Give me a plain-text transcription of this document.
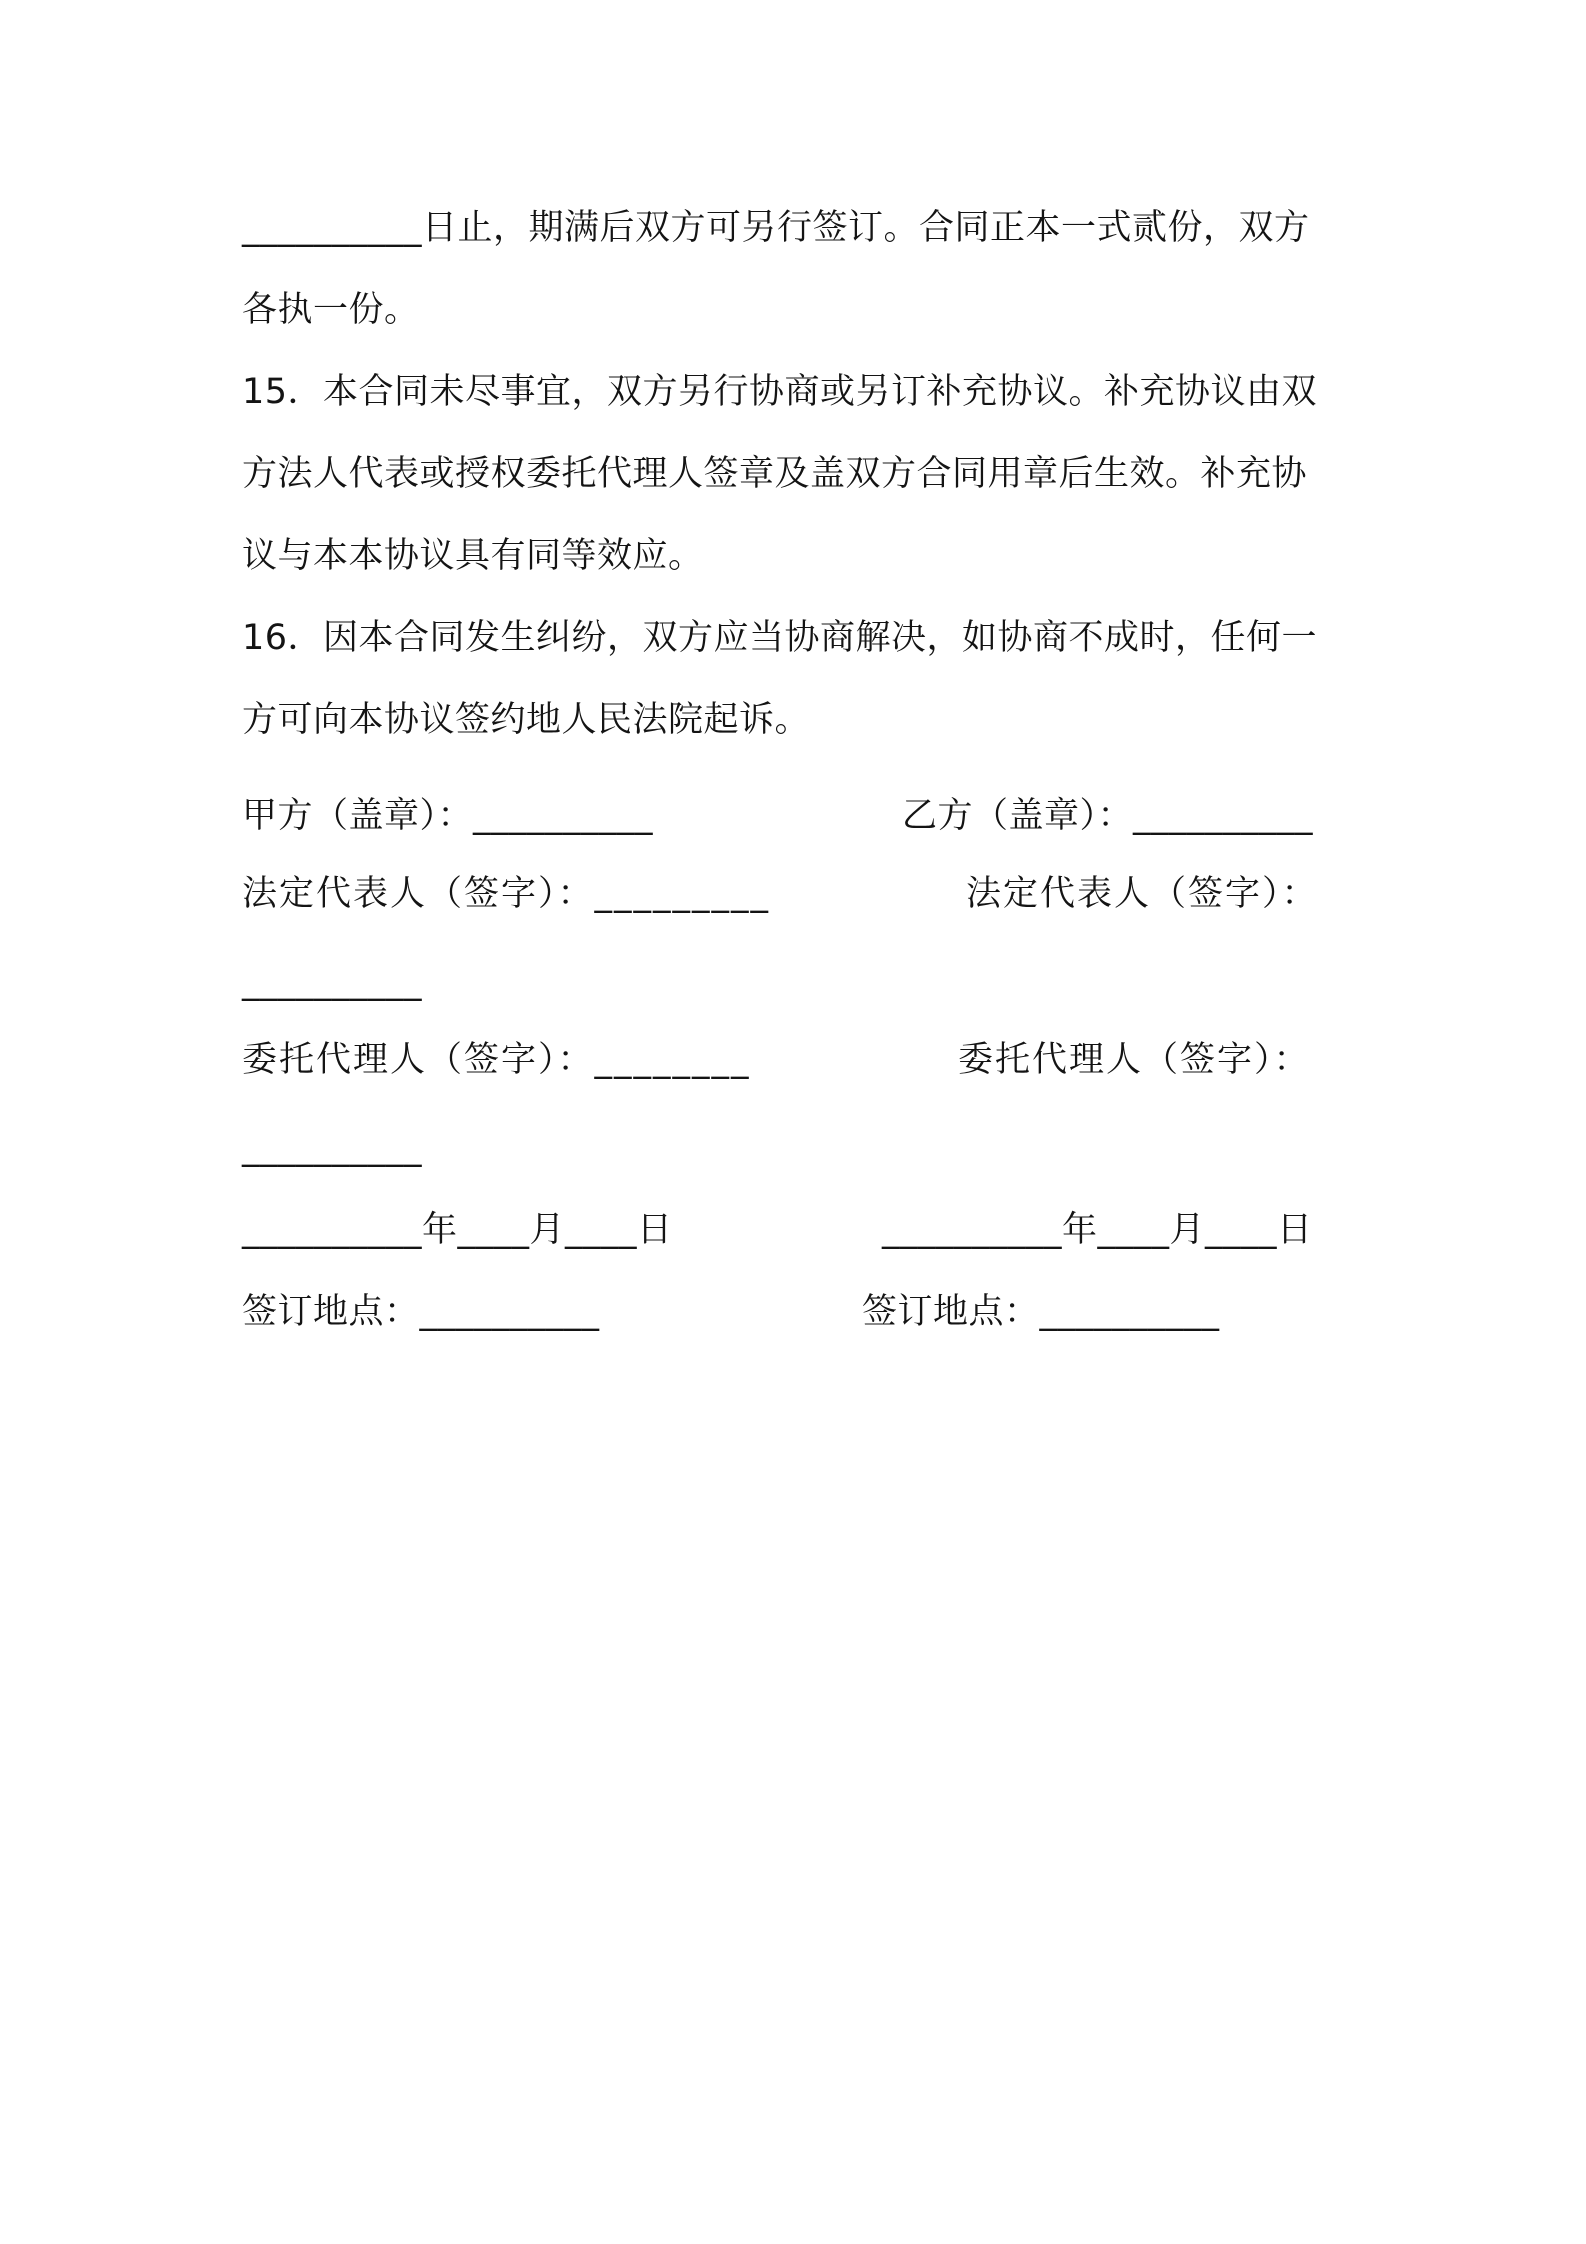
__________日止，期满后双方可另行签订。合同正本一式贰份，双方
各执一份。
15．本合同未尽事宜，双方另行协商或另订补充协议。补充协议由双
方法人代表或授权委托代理人签章及盖双方合同用章后生效。补充协
议与本本协议具有同等效应。
16．因本合同发生纠纷，双方应当协商解决，如协商不成时，任何一
方可向本协议签约地人民法院起诉。
甲方（盖章）：__________	乙方（盖章）：__________
法定代表人（签字）：_________	法定代表人（签字）：
__________
委托代理人（签字）：________	委托代理人（签字）：
__________
__________年____月____日	__________年____月____日
签订地点：__________	签订地点：__________
